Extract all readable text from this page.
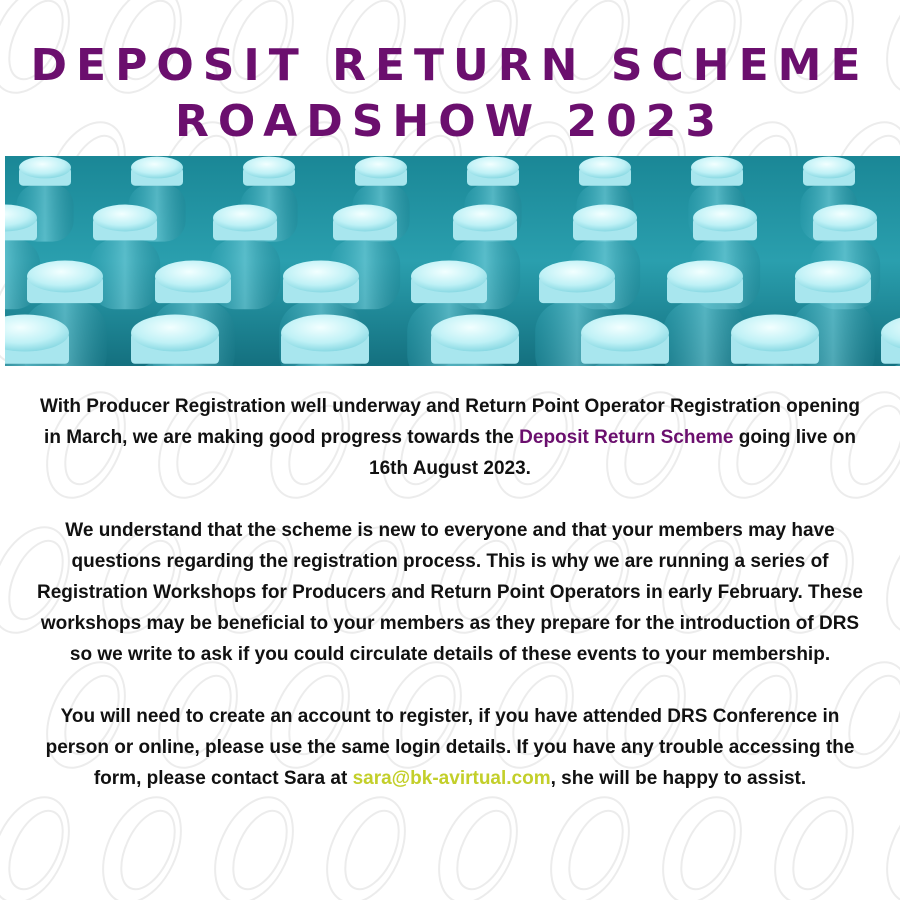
DEPOSIT RETURN SCHEME
ROADSHOW 2023

With Producer Registration well underway and Return Point Operator Registration opening in March, we are making good progress towards the Deposit Return Scheme going live on 16th August 2023.

We understand that the scheme is new to everyone and that your members may have questions regarding the registration process. This is why we are running a series of Registration Workshops for Producers and Return Point Operators in early February. These workshops may be beneficial to your members as they prepare for the introduction of DRS so we write to ask if you could circulate details of these events to your membership.

You will need to create an account to register, if you have attended DRS Conference in person or online, please use the same login details. If you have any trouble accessing the form, please contact Sara at sara@bk-avirtual.com, she will be happy to assist.
